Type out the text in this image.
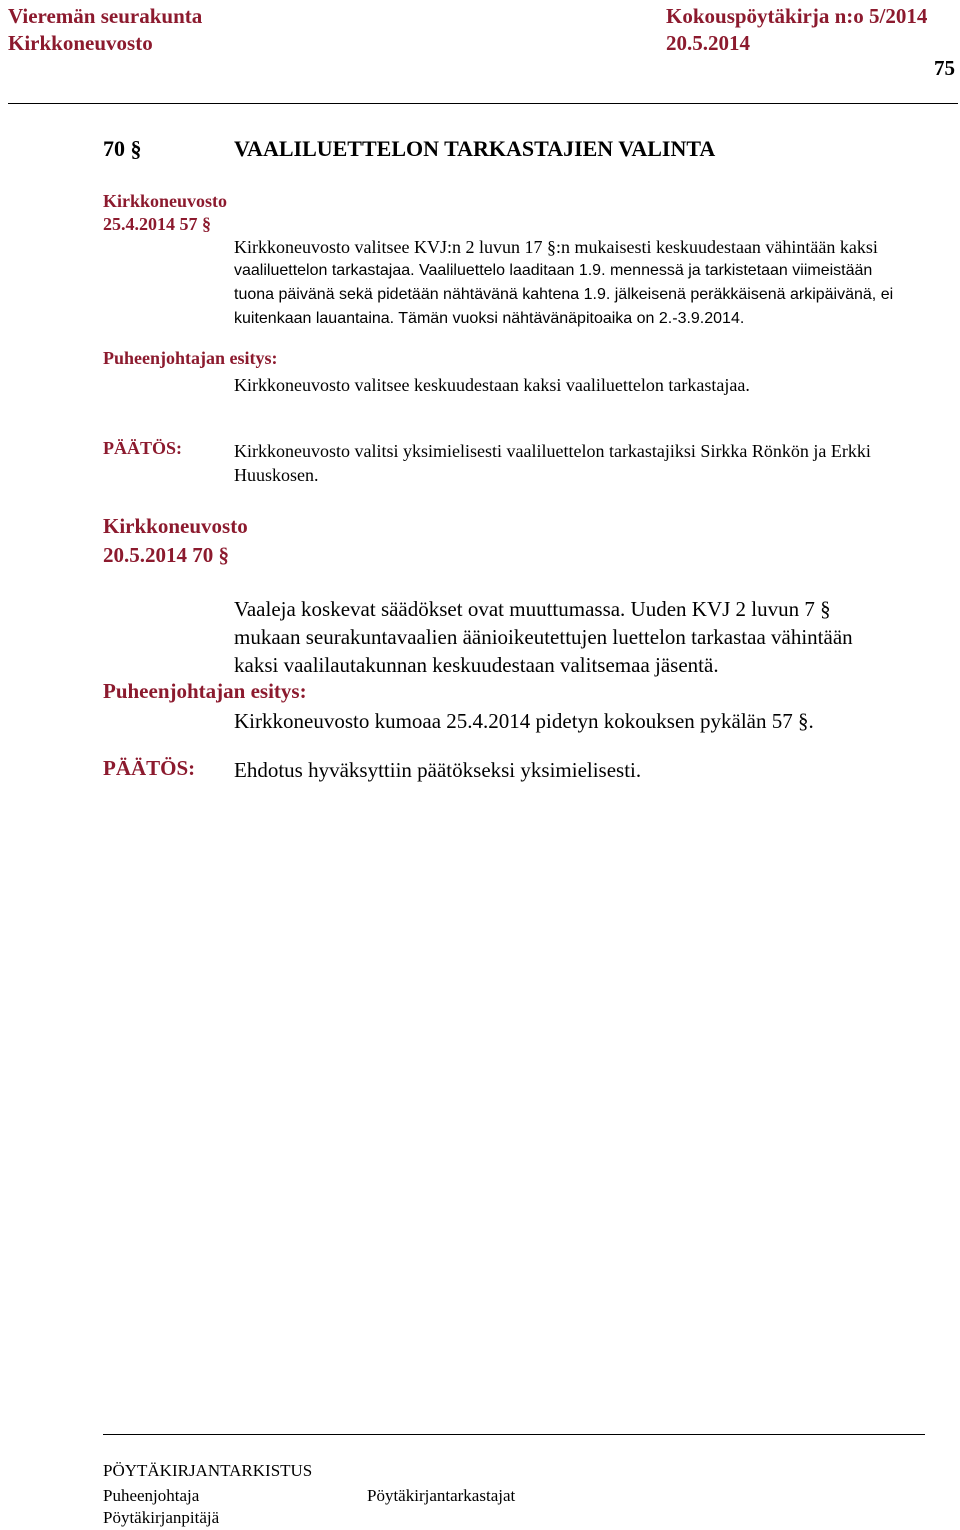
Vieremän seurakunta	Kokouspöytäkirja n:o 5/2014
Kirkkoneuvosto	20.5.2014
75
70 §	VAALILUETTELON TARKASTAJIEN VALINTA
Kirkkoneuvosto
25.4.2014 57 §
Kirkkoneuvosto valitsee KVJ:n 2 luvun 17 §:n mukaisesti keskuudestaan vähintään kaksi
vaaliluettelon tarkastajaa. Vaaliluettelo laaditaan 1.9. mennessä ja tarkistetaan viimeistään
tuona päivänä sekä pidetään nähtävänä kahtena 1.9. jälkeisenä peräkkäisenä arkipäivänä, ei
kuitenkaan lauantaina. Tämän vuoksi nähtävänäpitoaika on 2.-3.9.2014.
Puheenjohtajan esitys:
Kirkkoneuvosto valitsee keskuudestaan kaksi vaaliluettelon tarkastajaa.
PÄÄTÖS:	Kirkkoneuvosto valitsi yksimielisesti vaaliluettelon tarkastajiksi Sirkka Rönkön ja Erkki
Huuskosen.
Kirkkoneuvosto
20.5.2014 70 §
Vaaleja koskevat säädökset ovat muuttumassa. Uuden KVJ 2 luvun 7 §
mukaan seurakuntavaalien äänioikeutettujen luettelon tarkastaa vähintään
kaksi vaalilautakunnan keskuudestaan valitsemaa jäsentä.
Puheenjohtajan esitys:
Kirkkoneuvosto kumoaa 25.4.2014 pidetyn kokouksen pykälän 57 §.
PÄÄTÖS: Ehdotus hyväksyttiin päätökseksi yksimielisesti.
PÖYTÄKIRJANTARKISTUS
Puheenjohtaja	Pöytäkirjantarkastajat
Pöytäkirjanpitäjä
